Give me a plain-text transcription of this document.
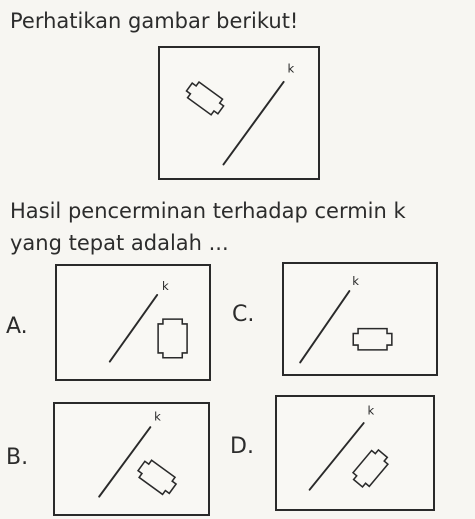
Perhatikan gambar berikut!
k
Hasil pencerminan terhadap cermin k
yang tepat adalah ...
A.
k
C.
k
B.
k
D.
k
